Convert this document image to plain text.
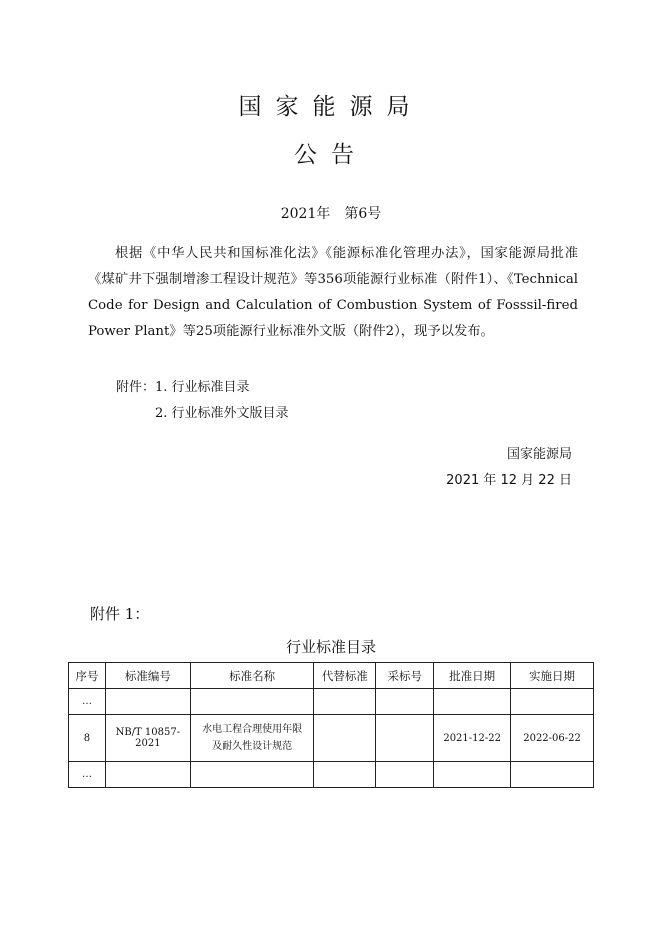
国家能源局
公告
2021年　第6号
根据《中华人民共和国标准化法》《能源标准化管理办法》，国家能源局批准《煤矿井下强制增渗工程设计规范》等356项能源行业标准（附件1）、《Technical Code for Design and Calculation of Combustion System of Fosssil-fired　Power Plant》等25项能源行业标准外文版（附件2），现予以发布。
附件： 1. 行业标准目录
2. 行业标准外文版目录
国家能源局
2021 年 12 月 22 日
附件 1：
行业标准目录
序号	标准编号	标准名称	代替标准	采标号	批准日期	实施日期
…						
8	NB/T 10857-2021	水电工程合理使用年限
及耐久性设计规范			2021-12-22	2022-06-22
…						
